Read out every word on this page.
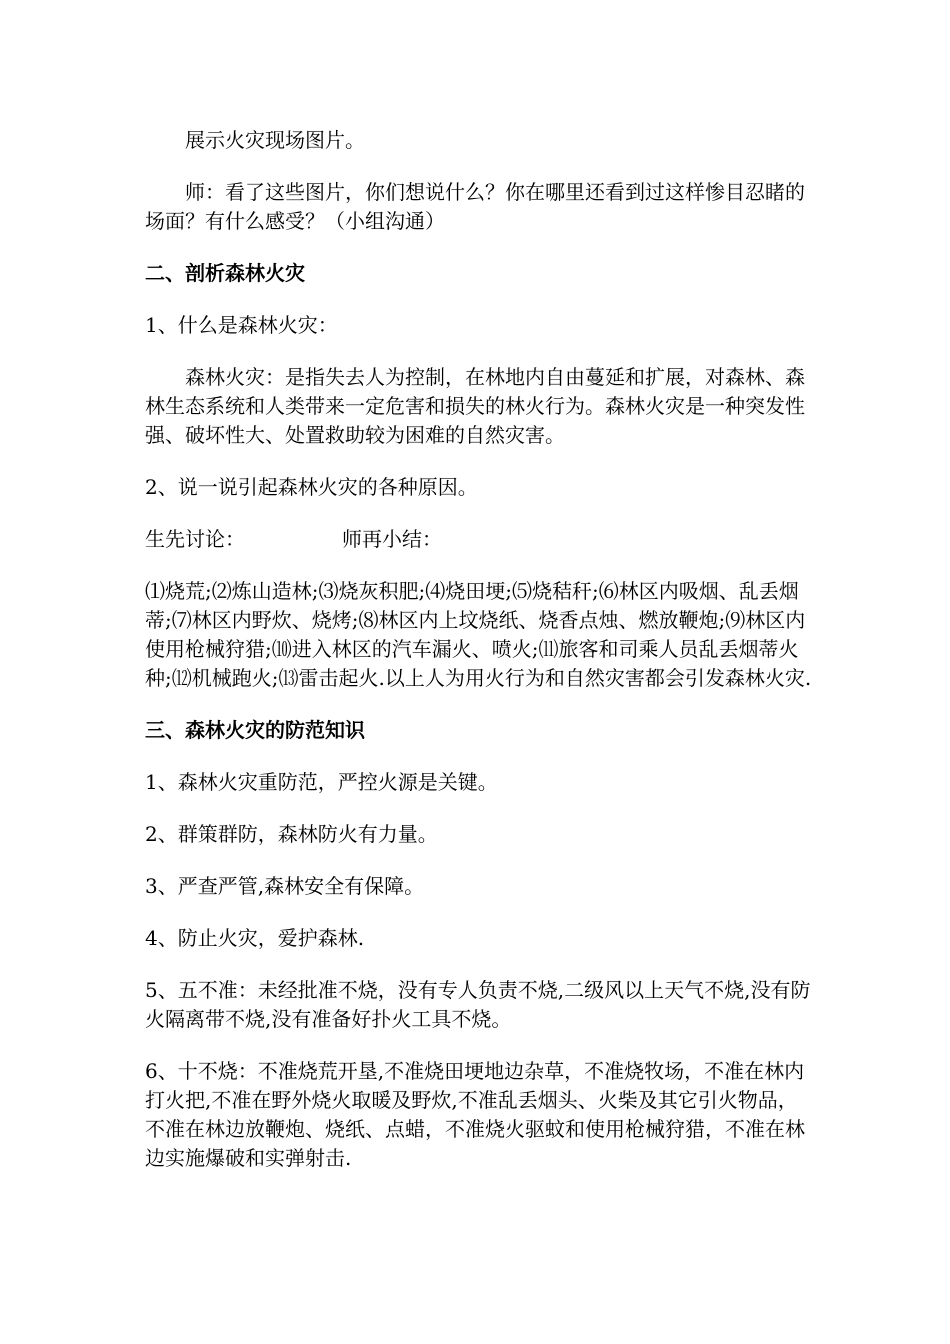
展示火灾现场图片。

师：看了这些图片，你们想说什么？你在哪里还看到过这样惨目忍睹的场面？有什么感受？（小组沟通）

二、剖析森林火灾

1、什么是森林火灾：

森林火灾：是指失去人为控制，在林地内自由蔓延和扩展，对森林、森林生态系统和人类带来一定危害和损失的林火行为。森林火灾是一种突发性强、破坏性大、处置救助较为困难的自然灾害。

2、说一说引起森林火灾的各种原因。

生先讨论：	师再小结：

⑴烧荒;⑵炼山造林;⑶烧灰积肥;⑷烧田埂;⑸烧秸秆;⑹林区内吸烟、乱丢烟蒂;⑺林区内野炊、烧烤;⑻林区内上坟烧纸、烧香点烛、燃放鞭炮;⑼林区内使用枪械狩猎;⑽进入林区的汽车漏火、喷火;⑾旅客和司乘人员乱丢烟蒂火种;⑿机械跑火;⒀雷击起火.以上人为用火行为和自然灾害都会引发森林火灾.

三、森林火灾的防范知识

1、森林火灾重防范，严控火源是关键。

2、群策群防，森林防火有力量。

3、严查严管,森林安全有保障。

4、防止火灾，爱护森林.

5、五不准：未经批准不烧，没有专人负责不烧,二级风以上天气不烧,没有防火隔离带不烧,没有准备好扑火工具不烧。

6、十不烧：不准烧荒开垦,不准烧田埂地边杂草，不准烧牧场，不准在林内打火把,不准在野外烧火取暖及野炊,不准乱丢烟头、火柴及其它引火物品，不准在林边放鞭炮、烧纸、点蜡，不准烧火驱蚊和使用枪械狩猎，不准在林边实施爆破和实弹射击.
